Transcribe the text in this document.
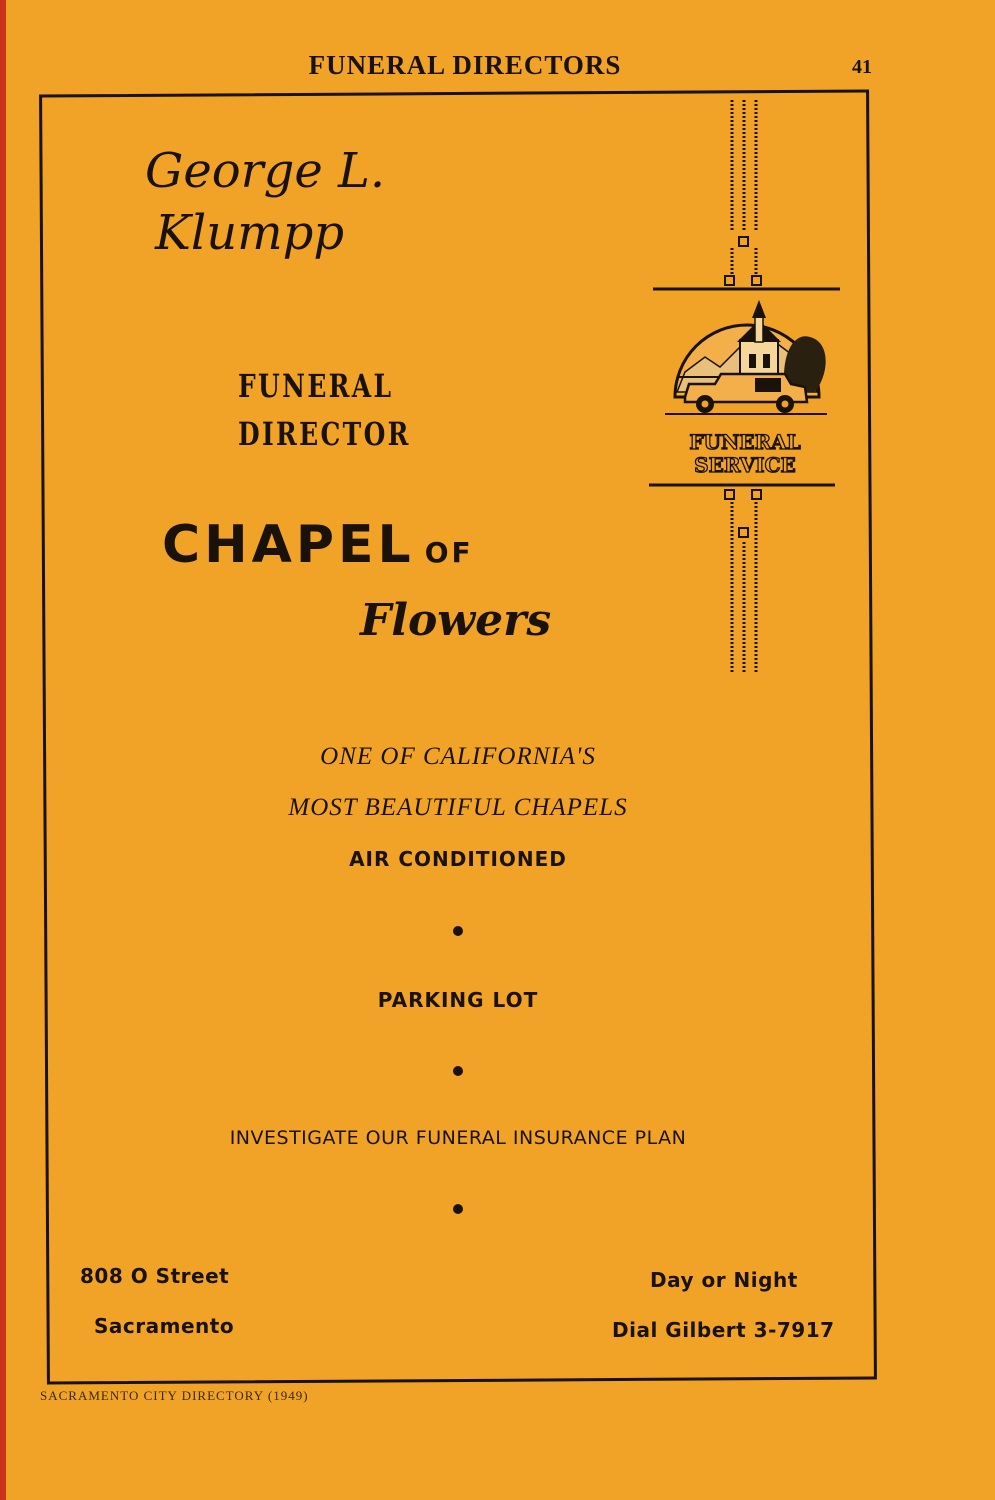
FUNERAL DIRECTORS	41
George L.
Klumpp
FUNERAL
DIRECTOR
CHAPEL OF
Flowers
FUNERAL
SERVICE
ONE OF CALIFORNIA'S
MOST BEAUTIFUL CHAPELS
AIR CONDITIONED
PARKING LOT
INVESTIGATE OUR FUNERAL INSURANCE PLAN
808 O Street
Sacramento
Day or Night
Dial Gilbert 3-7917
SACRAMENTO CITY DIRECTORY (1949)
